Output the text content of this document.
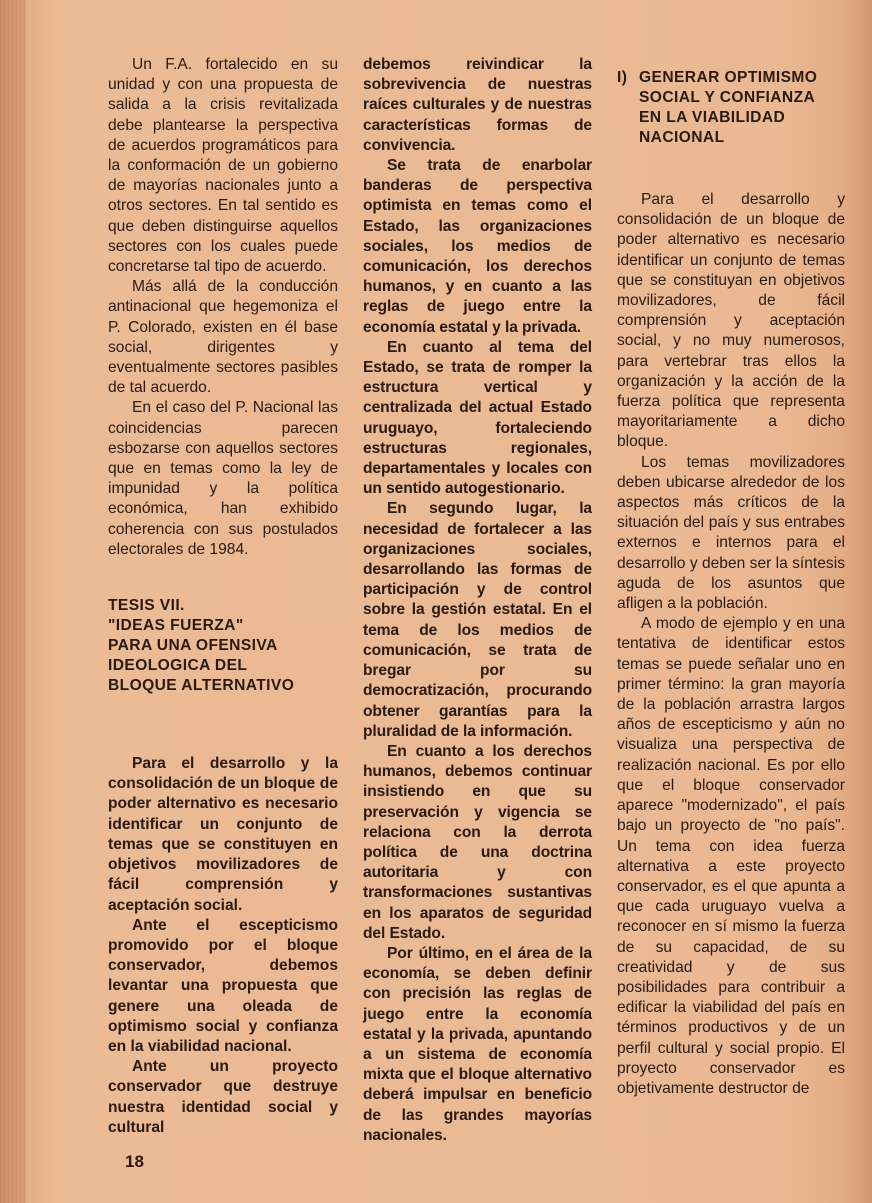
Un F.A. fortalecido en su unidad y con una propuesta de salida a la crisis revitalizada debe plantearse la perspectiva de acuerdos programáticos para la conformación de un gobierno de mayorías nacionales junto a otros sectores. En tal sentido es que deben distinguirse aquellos sectores con los cuales puede concretarse tal tipo de acuerdo.

Más allá de la conducción antinacional que hegemoniza el P. Colorado, existen en él base social, dirigentes y eventualmente sectores pasibles de tal acuerdo.

En el caso del P. Nacional las coincidencias parecen esbozarse con aquellos sectores que en temas como la ley de impunidad y la política económica, han exhibido coherencia con sus postulados electorales de 1984.

TESIS VII.
"IDEAS FUERZA"
PARA UNA OFENSIVA
IDEOLOGICA DEL
BLOQUE ALTERNATIVO

Para el desarrollo y la consolidación de un bloque de poder alternativo es necesario identificar un conjunto de temas que se constituyen en objetivos movilizadores de fácil comprensión y aceptación social.

Ante el escepticismo promovido por el bloque conservador, debemos levantar una propuesta que genere una oleada de optimismo social y confianza en la viabilidad nacional.

Ante un proyecto conservador que destruye nuestra identidad social y cultural

debemos reivindicar la sobrevivencia de nuestras raíces culturales y de nuestras características formas de convivencia.

Se trata de enarbolar banderas de perspectiva optimista en temas como el Estado, las organizaciones sociales, los medios de comunicación, los derechos humanos, y en cuanto a las reglas de juego entre la economía estatal y la privada.

En cuanto al tema del Estado, se trata de romper la estructura vertical y centralizada del actual Estado uruguayo, fortaleciendo estructuras regionales, departamentales y locales con un sentido autogestionario.

En segundo lugar, la necesidad de fortalecer a las organizaciones sociales, desarrollando las formas de participación y de control sobre la gestión estatal. En el tema de los medios de comunicación, se trata de bregar por su democratización, procurando obtener garantías para la pluralidad de la información.

En cuanto a los derechos humanos, debemos continuar insistiendo en que su preservación y vigencia se relaciona con la derrota política de una doctrina autoritaria y con transformaciones sustantivas en los aparatos de seguridad del Estado.

Por último, en el área de la economía, se deben definir con precisión las reglas de juego entre la economía estatal y la privada, apuntando a un sistema de economía mixta que el bloque alternativo deberá impulsar en beneficio de las grandes mayorías nacionales.

I) GENERAR OPTIMISMO
SOCIAL Y CONFIANZA
EN LA VIABILIDAD
NACIONAL

Para el desarrollo y consolidación de un bloque de poder alternativo es necesario identificar un conjunto de temas que se constituyan en objetivos movilizadores, de fácil comprensión y aceptación social, y no muy numerosos, para vertebrar tras ellos la organización y la acción de la fuerza política que representa mayoritariamente a dicho bloque.

Los temas movilizadores deben ubicarse alrededor de los aspectos más críticos de la situación del país y sus entrabes externos e internos para el desarrollo y deben ser la síntesis aguda de los asuntos que afligen a la población.

A modo de ejemplo y en una tentativa de identificar estos temas se puede señalar uno en primer término: la gran mayoría de la población arrastra largos años de escepticismo y aún no visualiza una perspectiva de realización nacional. Es por ello que el bloque conservador aparece "modernizado", el país bajo un proyecto de "no país". Un tema con idea fuerza alternativa a este proyecto conservador, es el que apunta a que cada uruguayo vuelva a reconocer en sí mismo la fuerza de su capacidad, de su creatividad y de sus posibilidades para contribuir a edificar la viabilidad del país en términos productivos y de un perfil cultural y social propio. El proyecto conservador es objetivamente destructor de

18
